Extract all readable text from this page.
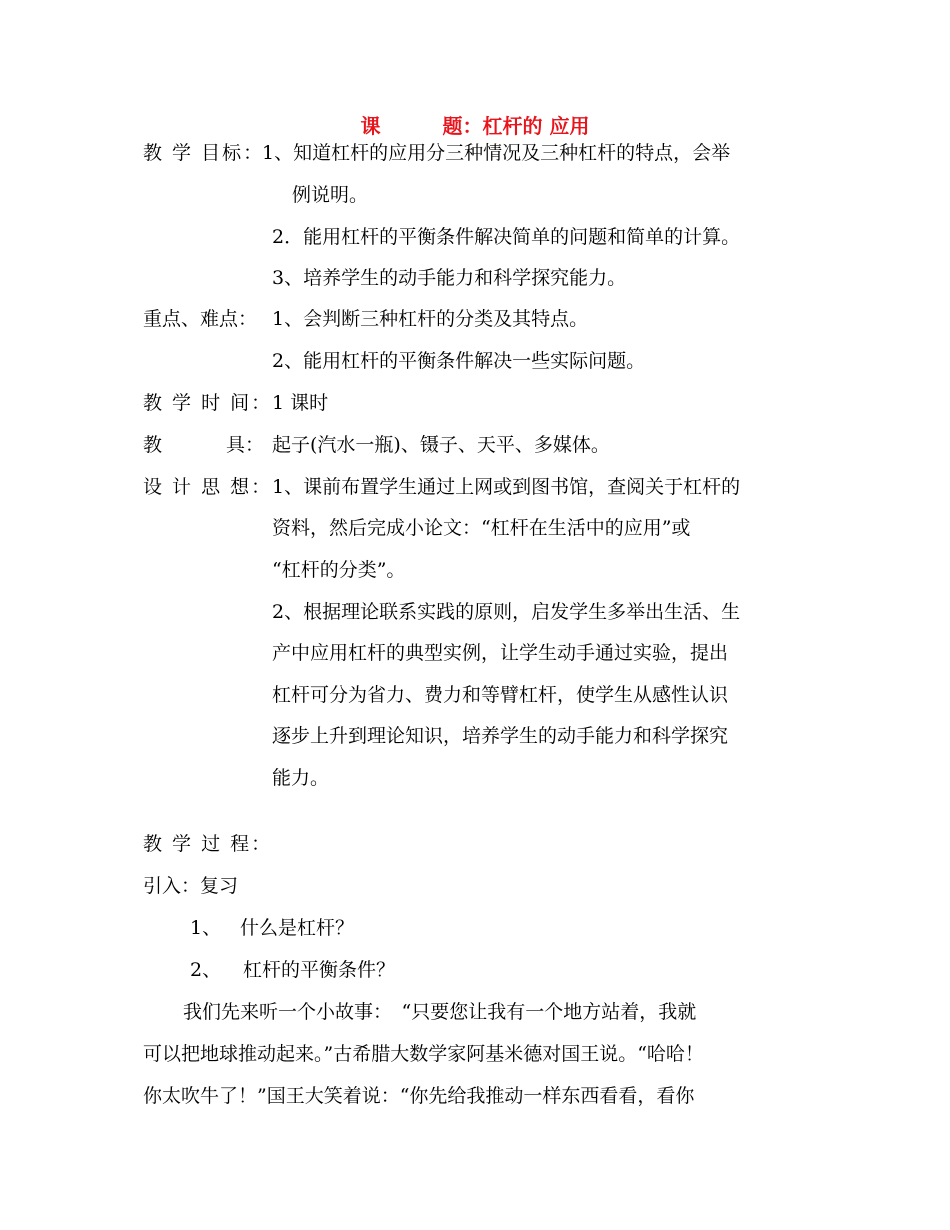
课	题：杠杆的 应用
教 学 目标：
1、知道杠杆的应用分三种情况及三种杠杆的特点，会举
例说明。
2．能用杠杆的平衡条件解决简单的问题和简单的计算。
3、培养学生的动手能力和科学探究能力。
重点、难点： 1、会判断三种杠杆的分类及其特点。
2、能用杠杆的平衡条件解决一些实际问题。
教 学 时 间： 1 课时
教	具： 起子(汽水一瓶)、镊子、天平、多媒体。
设 计 思 想： 1、课前布置学生通过上网或到图书馆，查阅关于杠杆的
资料，然后完成小论文：“杠杆在生活中的应用”或
“杠杆的分类”。
2、根据理论联系实践的原则，启发学生多举出生活、生
产中应用杠杆的典型实例，让学生动手通过实验，提出
杠杆可分为省力、费力和等臂杠杆，使学生从感性认识
逐步上升到理论知识，培养学生的动手能力和科学探究
能力。
教 学 过 程：
引入：复习
1、 什么是杠杆？
2、 杠杆的平衡条件？
我们先来听一个小故事：　“只要您让我有一个地方站着，我就
可以把地球推动起来。”古希腊大数学家阿基米德对国王说。“哈哈！
你太吹牛了！”国王大笑着说：“你先给我推动一样东西看看，看你
